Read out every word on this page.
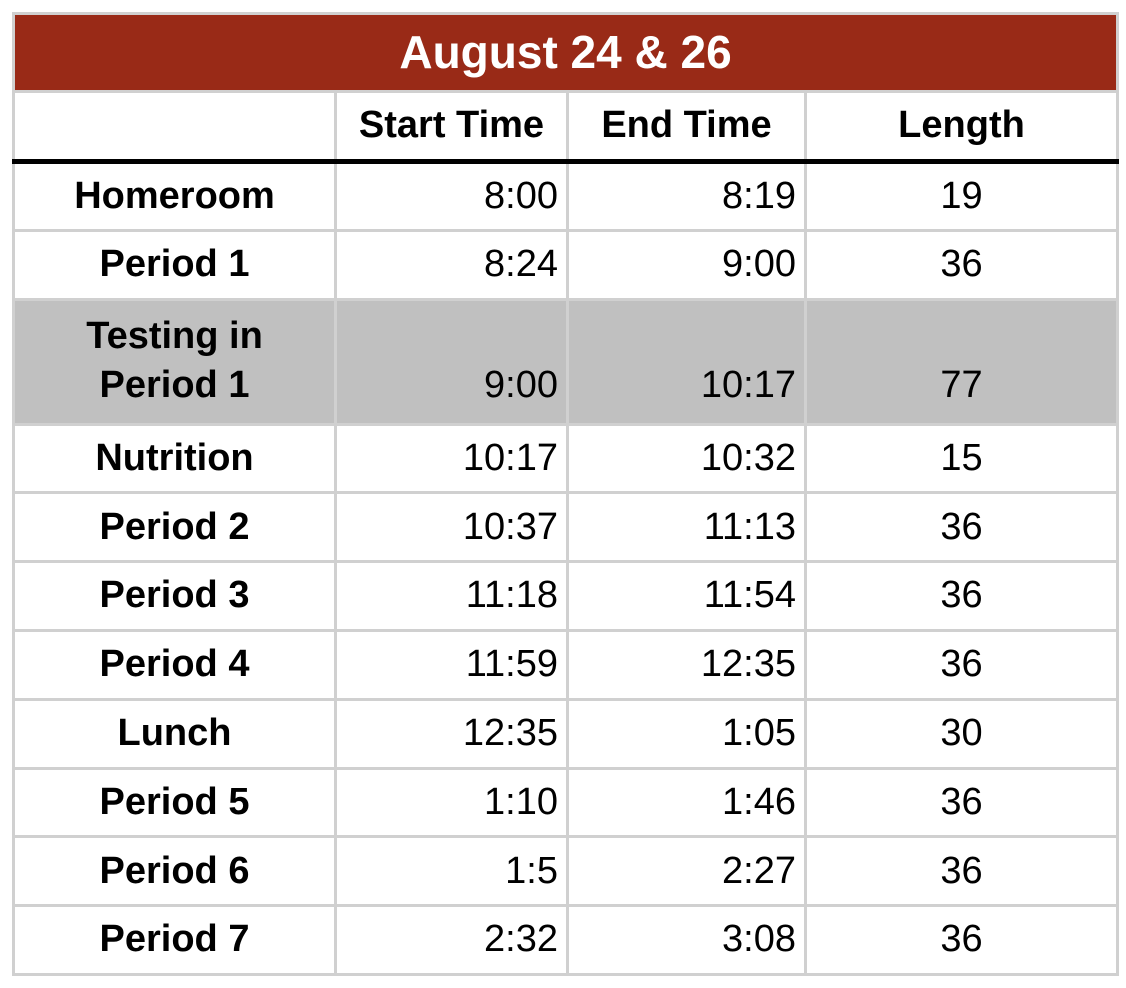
August 24 & 26			
	Start Time	End Time	Length
Homeroom	8:00	8:19	19
Period 1	8:24	9:00	36
Testing in Period 1	9:00	10:17	77
Nutrition	10:17	10:32	15
Period 2	10:37	11:13	36
Period 3	11:18	11:54	36
Period 4	11:59	12:35	36
Lunch	12:35	1:05	30
Period 5	1:10	1:46	36
Period 6	1:5	2:27	36
Period 7	2:32	3:08	36
